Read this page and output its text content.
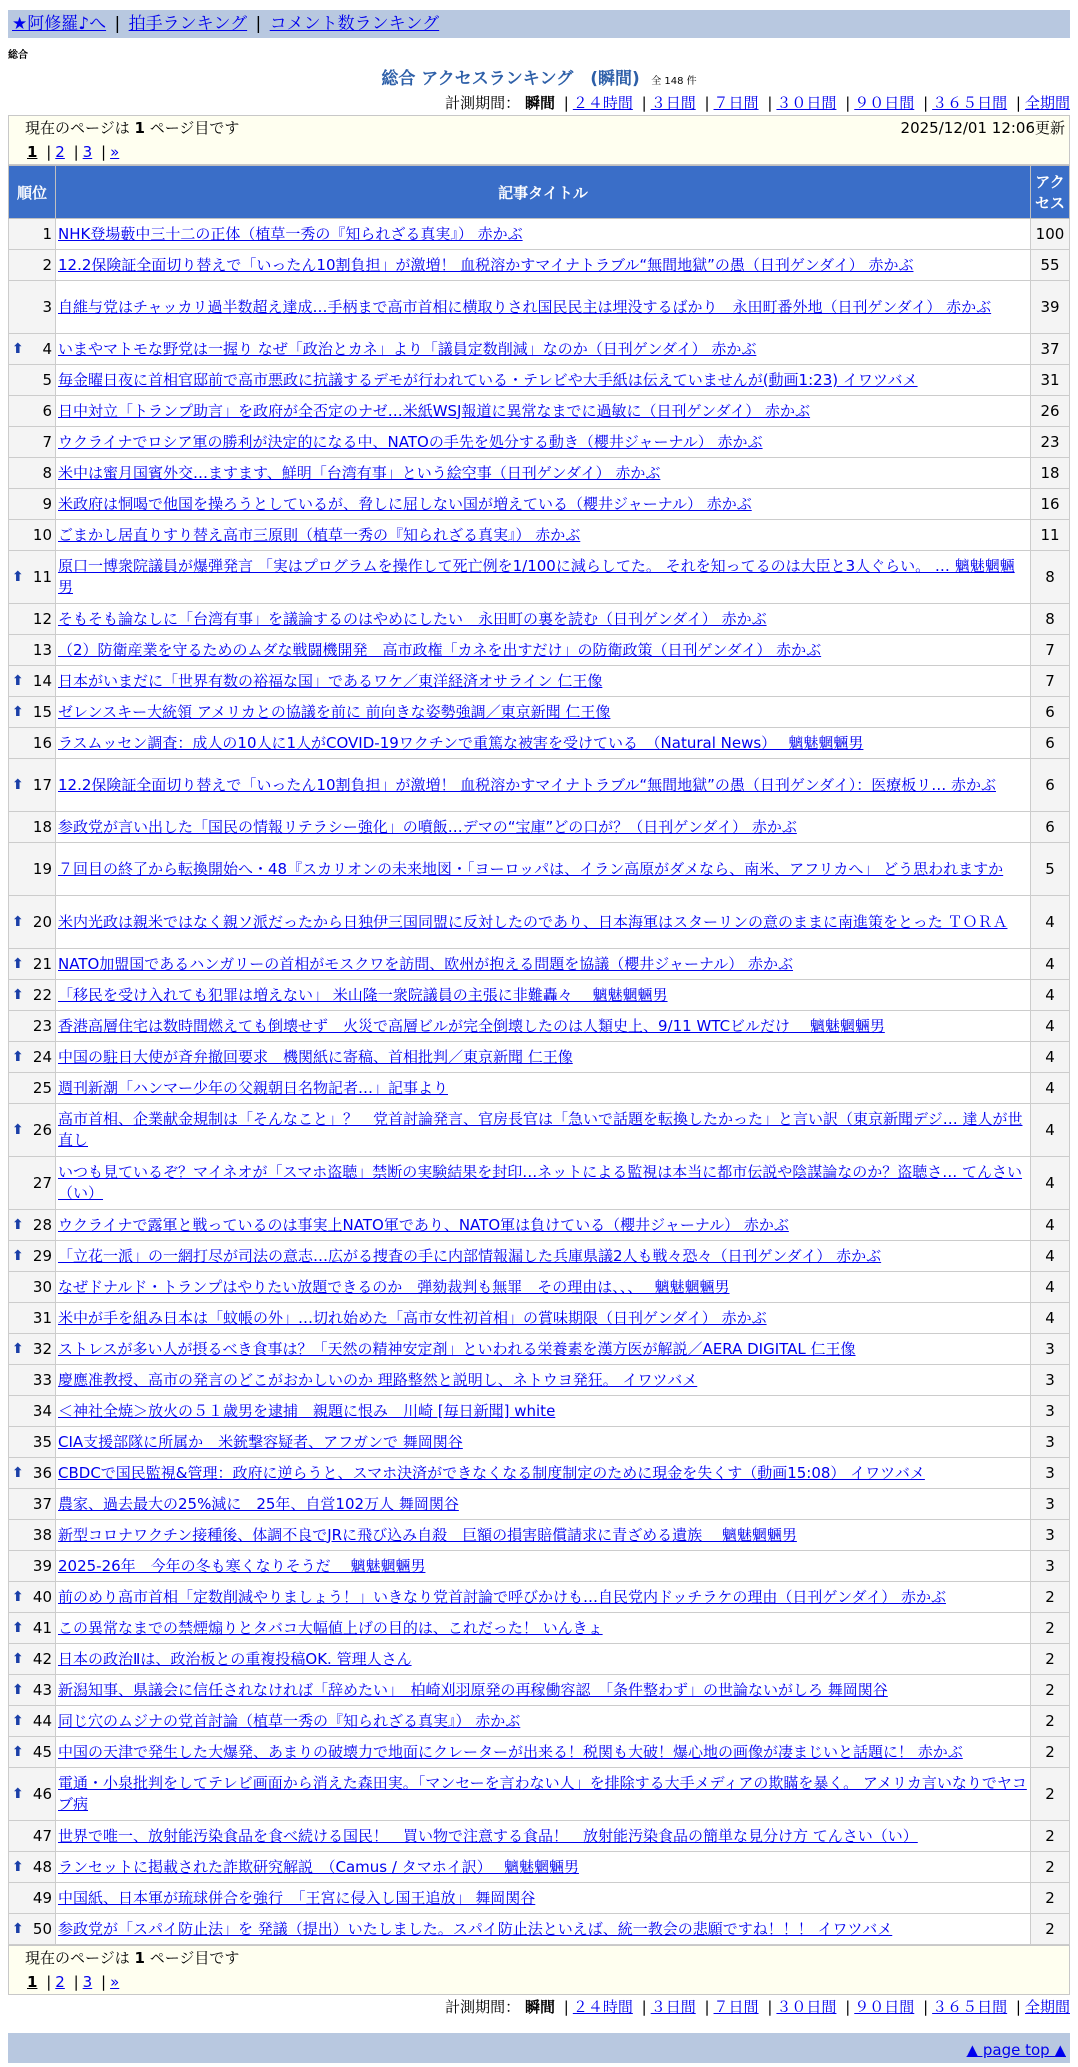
★阿修羅♪へ | 拍手ランキング | コメント数ランキング
総合
総合 アクセスランキング　(瞬間) 全 148 件
計測期間： 瞬間 | ２４時間 | ３日間 | ７日間 | ３０日間 | ９０日間 | ３６５日間 | 全期間
現在のページは 1 ページ目です	2025/12/01 12:06更新
1 | 2 | 3 | »
順位	記事タイトル	アクセス
1	NHK登場藪中三十二の正体（植草一秀の『知られざる真実』） 赤かぶ	100
2	12.2保険証全面切り替えで「いったん10割負担」が激増！ 血税溶かすマイナトラブル“無間地獄”の愚（日刊ゲンダイ） 赤かぶ	55
3	自維与党はチャッカリ過半数超え達成…手柄まで高市首相に横取りされ国民民主は埋没するばかり　永田町番外地（日刊ゲンダイ） 赤かぶ	39

⬆ 4	いまやマトモな野党は一握り なぜ「政治とカネ」より「議員定数削減」なのか（日刊ゲンダイ） 赤かぶ	37
5	毎金曜日夜に首相官邸前で高市悪政に抗議するデモが行われている・テレビや大手紙は伝えていませんが(動画1:23) イワツバメ	31
6	日中対立「トランプ助言」を政府が全否定のナゼ…米紙WSJ報道に異常なまでに過敏に（日刊ゲンダイ） 赤かぶ	26
7	ウクライナでロシア軍の勝利が決定的になる中、NATOの手先を処分する動き（櫻井ジャーナル） 赤かぶ	23
8	米中は蜜月国賓外交…ますます、鮮明「台湾有事」という絵空事（日刊ゲンダイ） 赤かぶ	18
9	米政府は恫喝で他国を操ろうとしているが、脅しに屈しない国が増えている（櫻井ジャーナル） 赤かぶ	16
10	ごまかし居直りすり替え高市三原則（植草一秀の『知られざる真実』） 赤かぶ	11

⬆ 11	原口一博衆院議員が爆弾発言 「実はプログラムを操作して死亡例を1/100に減らしてた。 それを知ってるのは大臣と3人ぐらい。 … 魑魅魍魎男	8
12	そもそも論なしに「台湾有事」を議論するのはやめにしたい　永田町の裏を読む（日刊ゲンダイ） 赤かぶ	8
13	（2）防衛産業を守るためのムダな戦闘機開発　高市政権「カネを出すだけ」の防衛政策（日刊ゲンダイ） 赤かぶ	7

⬆ 14	日本がいまだに「世界有数の裕福な国」であるワケ／東洋経済オサライン 仁王像	7

⬆ 15	ゼレンスキー大統領 アメリカとの協議を前に 前向きな姿勢強調／東京新聞 仁王像	6
16	ラスムッセン調査：成人の10人に1人がCOVID-19ワクチンで重篤な被害を受けている　（Natural News）　 魑魅魍魎男	6

⬆ 17	12.2保険証全面切り替えで「いったん10割負担」が激増！ 血税溶かすマイナトラブル“無間地獄”の愚（日刊ゲンダイ）：医療板リ… 赤かぶ	6
18	参政党が言い出した「国民の情報リテラシー強化」の噴飯…デマの“宝庫”どの口が？（日刊ゲンダイ） 赤かぶ	6
19	７回目の終了から転換開始へ・48『スカリオンの未来地図・「ヨーロッパは、イラン高原がダメなら、南米、アフリカへ」 どう思われますか	5

⬆ 20	米内光政は親米ではなく親ソ派だったから日独伊三国同盟に反対したのであり、日本海軍はスターリンの意のままに南進策をとった ＴＯＲＡ	4

⬆ 21	NATO加盟国であるハンガリーの首相がモスクワを訪問、欧州が抱える問題を協議（櫻井ジャーナル） 赤かぶ	4

⬆ 22	「移民を受け入れても犯罪は増えない」 米山隆一衆院議員の主張に非難轟々　 魑魅魍魎男	4
23	香港高層住宅は数時間燃えても倒壊せず　火災で高層ビルが完全倒壊したのは人類史上、9/11 WTCビルだけ　 魑魅魍魎男	4

⬆ 24	中国の駐日大使が斉弁撤回要求　機関紙に寄稿、首相批判／東京新聞 仁王像	4
25	週刊新潮「ハンマー少年の父親朝日名物記者…」記事より	4

⬆ 26	高市首相、企業献金規制は「そんなこと」？　党首討論発言、官房長官は「急いで話題を転換したかった」と言い訳（東京新聞デジ… 達人が世直し	4
27	いつも見ているぞ？マイネオが「スマホ盗聴」禁断の実験結果を封印…ネットによる監視は本当に都市伝説や陰謀論なのか？盗聴さ… てんさい（い）	4

⬆ 28	ウクライナで露軍と戦っているのは事実上NATO軍であり、NATO軍は負けている（櫻井ジャーナル） 赤かぶ	4

⬆ 29	「立花一派」の一網打尽が司法の意志…広がる捜査の手に内部情報漏した兵庫県議2人も戦々恐々（日刊ゲンダイ） 赤かぶ	4
30	なぜドナルド・トランプはやりたい放題できるのか　弾劾裁判も無罪　その理由は、、、　 魑魅魍魎男	4
31	米中が手を組み日本は「蚊帳の外」…切れ始めた「高市女性初首相」の賞味期限（日刊ゲンダイ） 赤かぶ	4

⬆ 32	ストレスが多い人が摂るべき食事は？「天然の精神安定剤」といわれる栄養素を漢方医が解説／AERA DIGITAL 仁王像	3
33	慶應准教授、高市の発言のどこがおかしいのか 理路整然と説明し、ネトウヨ発狂。 イワツバメ	3
34	＜神社全焼＞放火の５１歳男を逮捕　親題に恨み　川崎 [毎日新聞] white	3
35	CIA支援部隊に所属か　米銃撃容疑者、アフガンで 舞岡関谷	3

⬆ 36	CBDCで国民監視&管理：政府に逆らうと、スマホ決済ができなくなる制度制定のために現金を失くす（動画15:08） イワツバメ	3
37	農家、過去最大の25%減に　25年、自営102万人 舞岡関谷	3
38	新型コロナワクチン接種後、体調不良でJRに飛び込み自殺　巨額の損害賠償請求に青ざめる遺族　 魑魅魍魎男	3
39	2025-26年　今年の冬も寒くなりそうだ　 魑魅魍魎男	3

⬆ 40	前のめり高市首相「定数削減やりましょう！」いきなり党首討論で呼びかけも…自民党内ドッチラケの理由（日刊ゲンダイ） 赤かぶ	2

⬆ 41	この異常なまでの禁煙煽りとタバコ大幅値上げの目的は、これだった！ いんきょ	2

⬆ 42	日本の政治Ⅱは、政治板との重複投稿OK. 管理人さん	2

⬆ 43	新潟知事、県議会に信任されなければ「辞めたい」　柏崎刈羽原発の再稼働容認　「条件整わず」の世論ないがしろ 舞岡関谷	2

⬆ 44	同じ穴のムジナの党首討論（植草一秀の『知られざる真実』） 赤かぶ	2

⬆ 45	中国の天津で発生した大爆発、あまりの破壊力で地面にクレーターが出来る！税関も大破！爆心地の画像が凄まじいと話題に！ 赤かぶ	2

⬆ 46	電通・小泉批判をしてテレビ画面から消えた森田実。「マンセーを言わない人」を排除する大手メディアの欺瞞を暴く。 アメリカ言いなりでヤコブ病	2
47	世界で唯一、放射能汚染食品を食べ続ける国民！　買い物で注意する食品！　放射能汚染食品の簡単な見分け方 てんさい（い）	2

⬆ 48	ランセットに掲載された詐欺研究解説　（Camus / タマホイ訳）　 魑魅魍魎男	2
49	中国紙、日本軍が琉球併合を強行　「王宮に侵入し国王追放」 舞岡関谷	2

⬆ 50	参政党が「スパイ防止法」を 発議（提出）いたしました。スパイ防止法といえば、統一教会の悲願ですね！！！ イワツバメ	2
現在のページは 1 ページ目です
1 | 2 | 3 | »
計測期間： 瞬間 | ２４時間 | ３日間 | ７日間 | ３０日間 | ９０日間 | ３６５日間 | 全期間
▲ page top ▲
